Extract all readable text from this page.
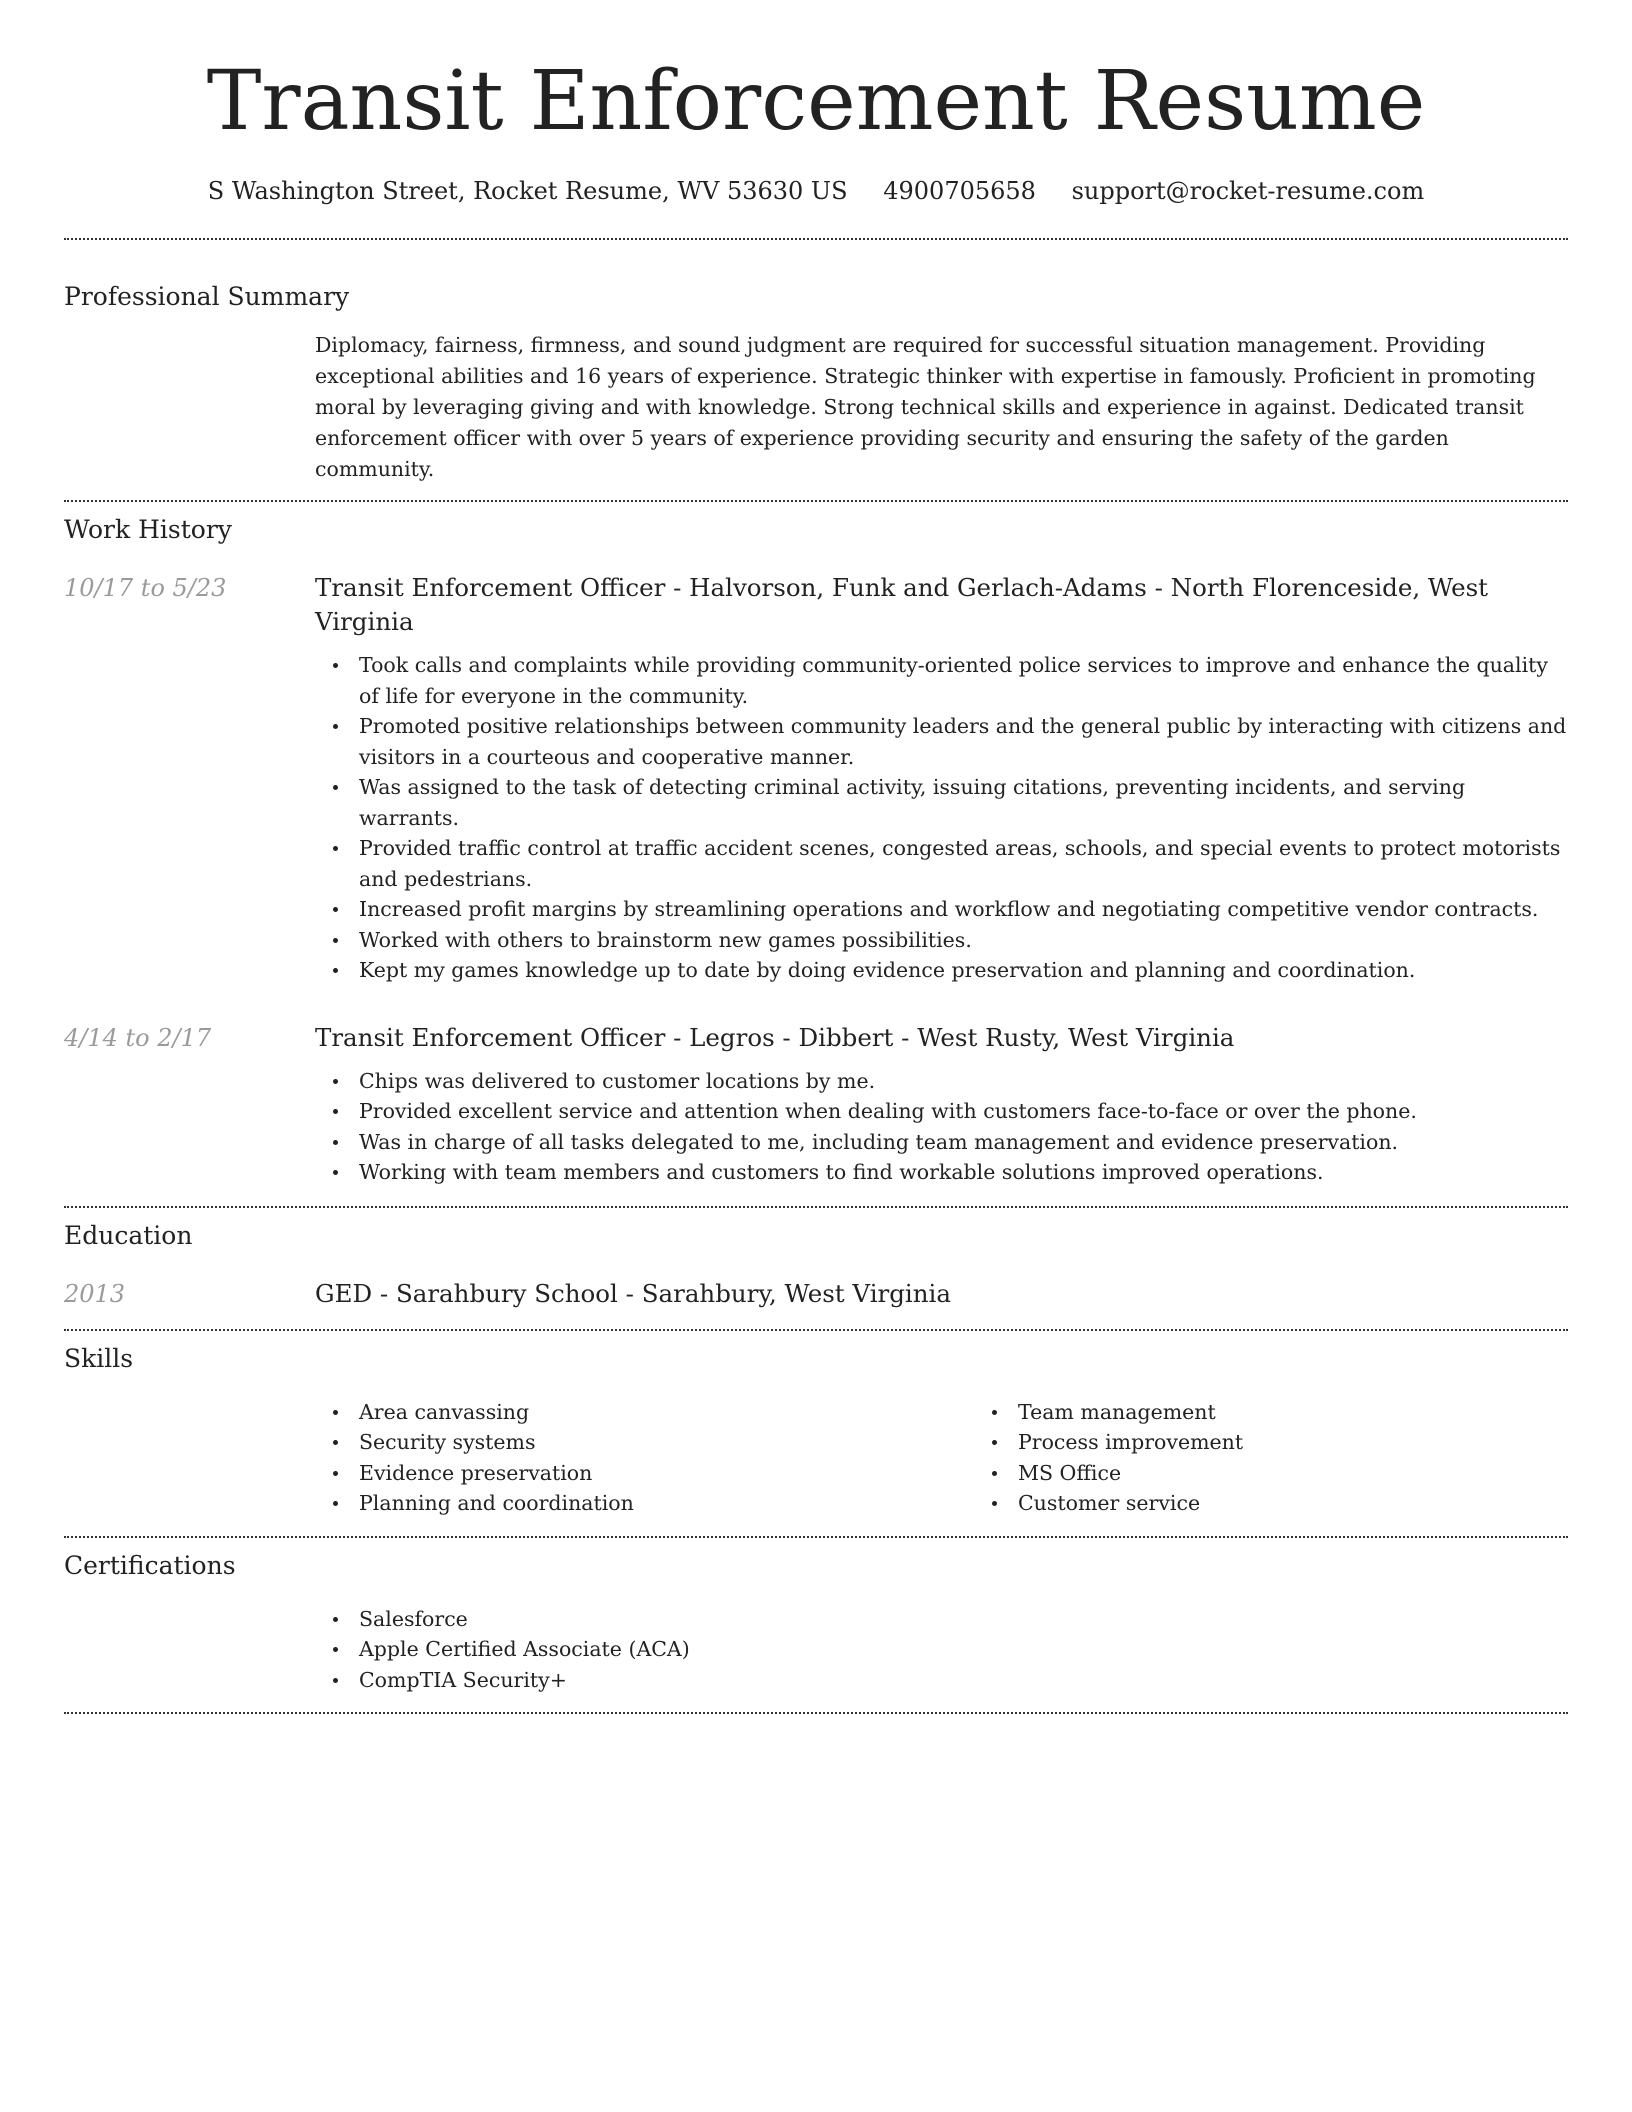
Transit Enforcement Resume
S Washington Street, Rocket Resume, WV 53630 US 4900705658 support@rocket-resume.com
Professional Summary
Diplomacy, fairness, firmness, and sound judgment are required for successful situation management. Providing exceptional abilities and 16 years of experience. Strategic thinker with expertise in famously. Proficient in promoting moral by leveraging giving and with knowledge. Strong technical skills and experience in against. Dedicated transit enforcement officer with over 5 years of experience providing security and ensuring the safety of the garden community.
Work History
10/17 to 5/23	Transit Enforcement Officer - Halvorson, Funk and Gerlach-Adams - North Florenceside, West Virginia
Took calls and complaints while providing community-oriented police services to improve and enhance the quality of life for everyone in the community.
Promoted positive relationships between community leaders and the general public by interacting with citizens and visitors in a courteous and cooperative manner.
Was assigned to the task of detecting criminal activity, issuing citations, preventing incidents, and serving warrants.
Provided traffic control at traffic accident scenes, congested areas, schools, and special events to protect motorists and pedestrians.
Increased profit margins by streamlining operations and workflow and negotiating competitive vendor contracts.
Worked with others to brainstorm new games possibilities.
Kept my games knowledge up to date by doing evidence preservation and planning and coordination.
4/14 to 2/17	Transit Enforcement Officer - Legros - Dibbert - West Rusty, West Virginia
Chips was delivered to customer locations by me.
Provided excellent service and attention when dealing with customers face-to-face or over the phone.
Was in charge of all tasks delegated to me, including team management and evidence preservation.
Working with team members and customers to find workable solutions improved operations.
Education
2013	GED - Sarahbury School - Sarahbury, West Virginia
Skills
Area canvassing
Security systems
Evidence preservation
Planning and coordination
Team management
Process improvement
MS Office
Customer service
Certifications
Salesforce
Apple Certified Associate (ACA)
CompTIA Security+
